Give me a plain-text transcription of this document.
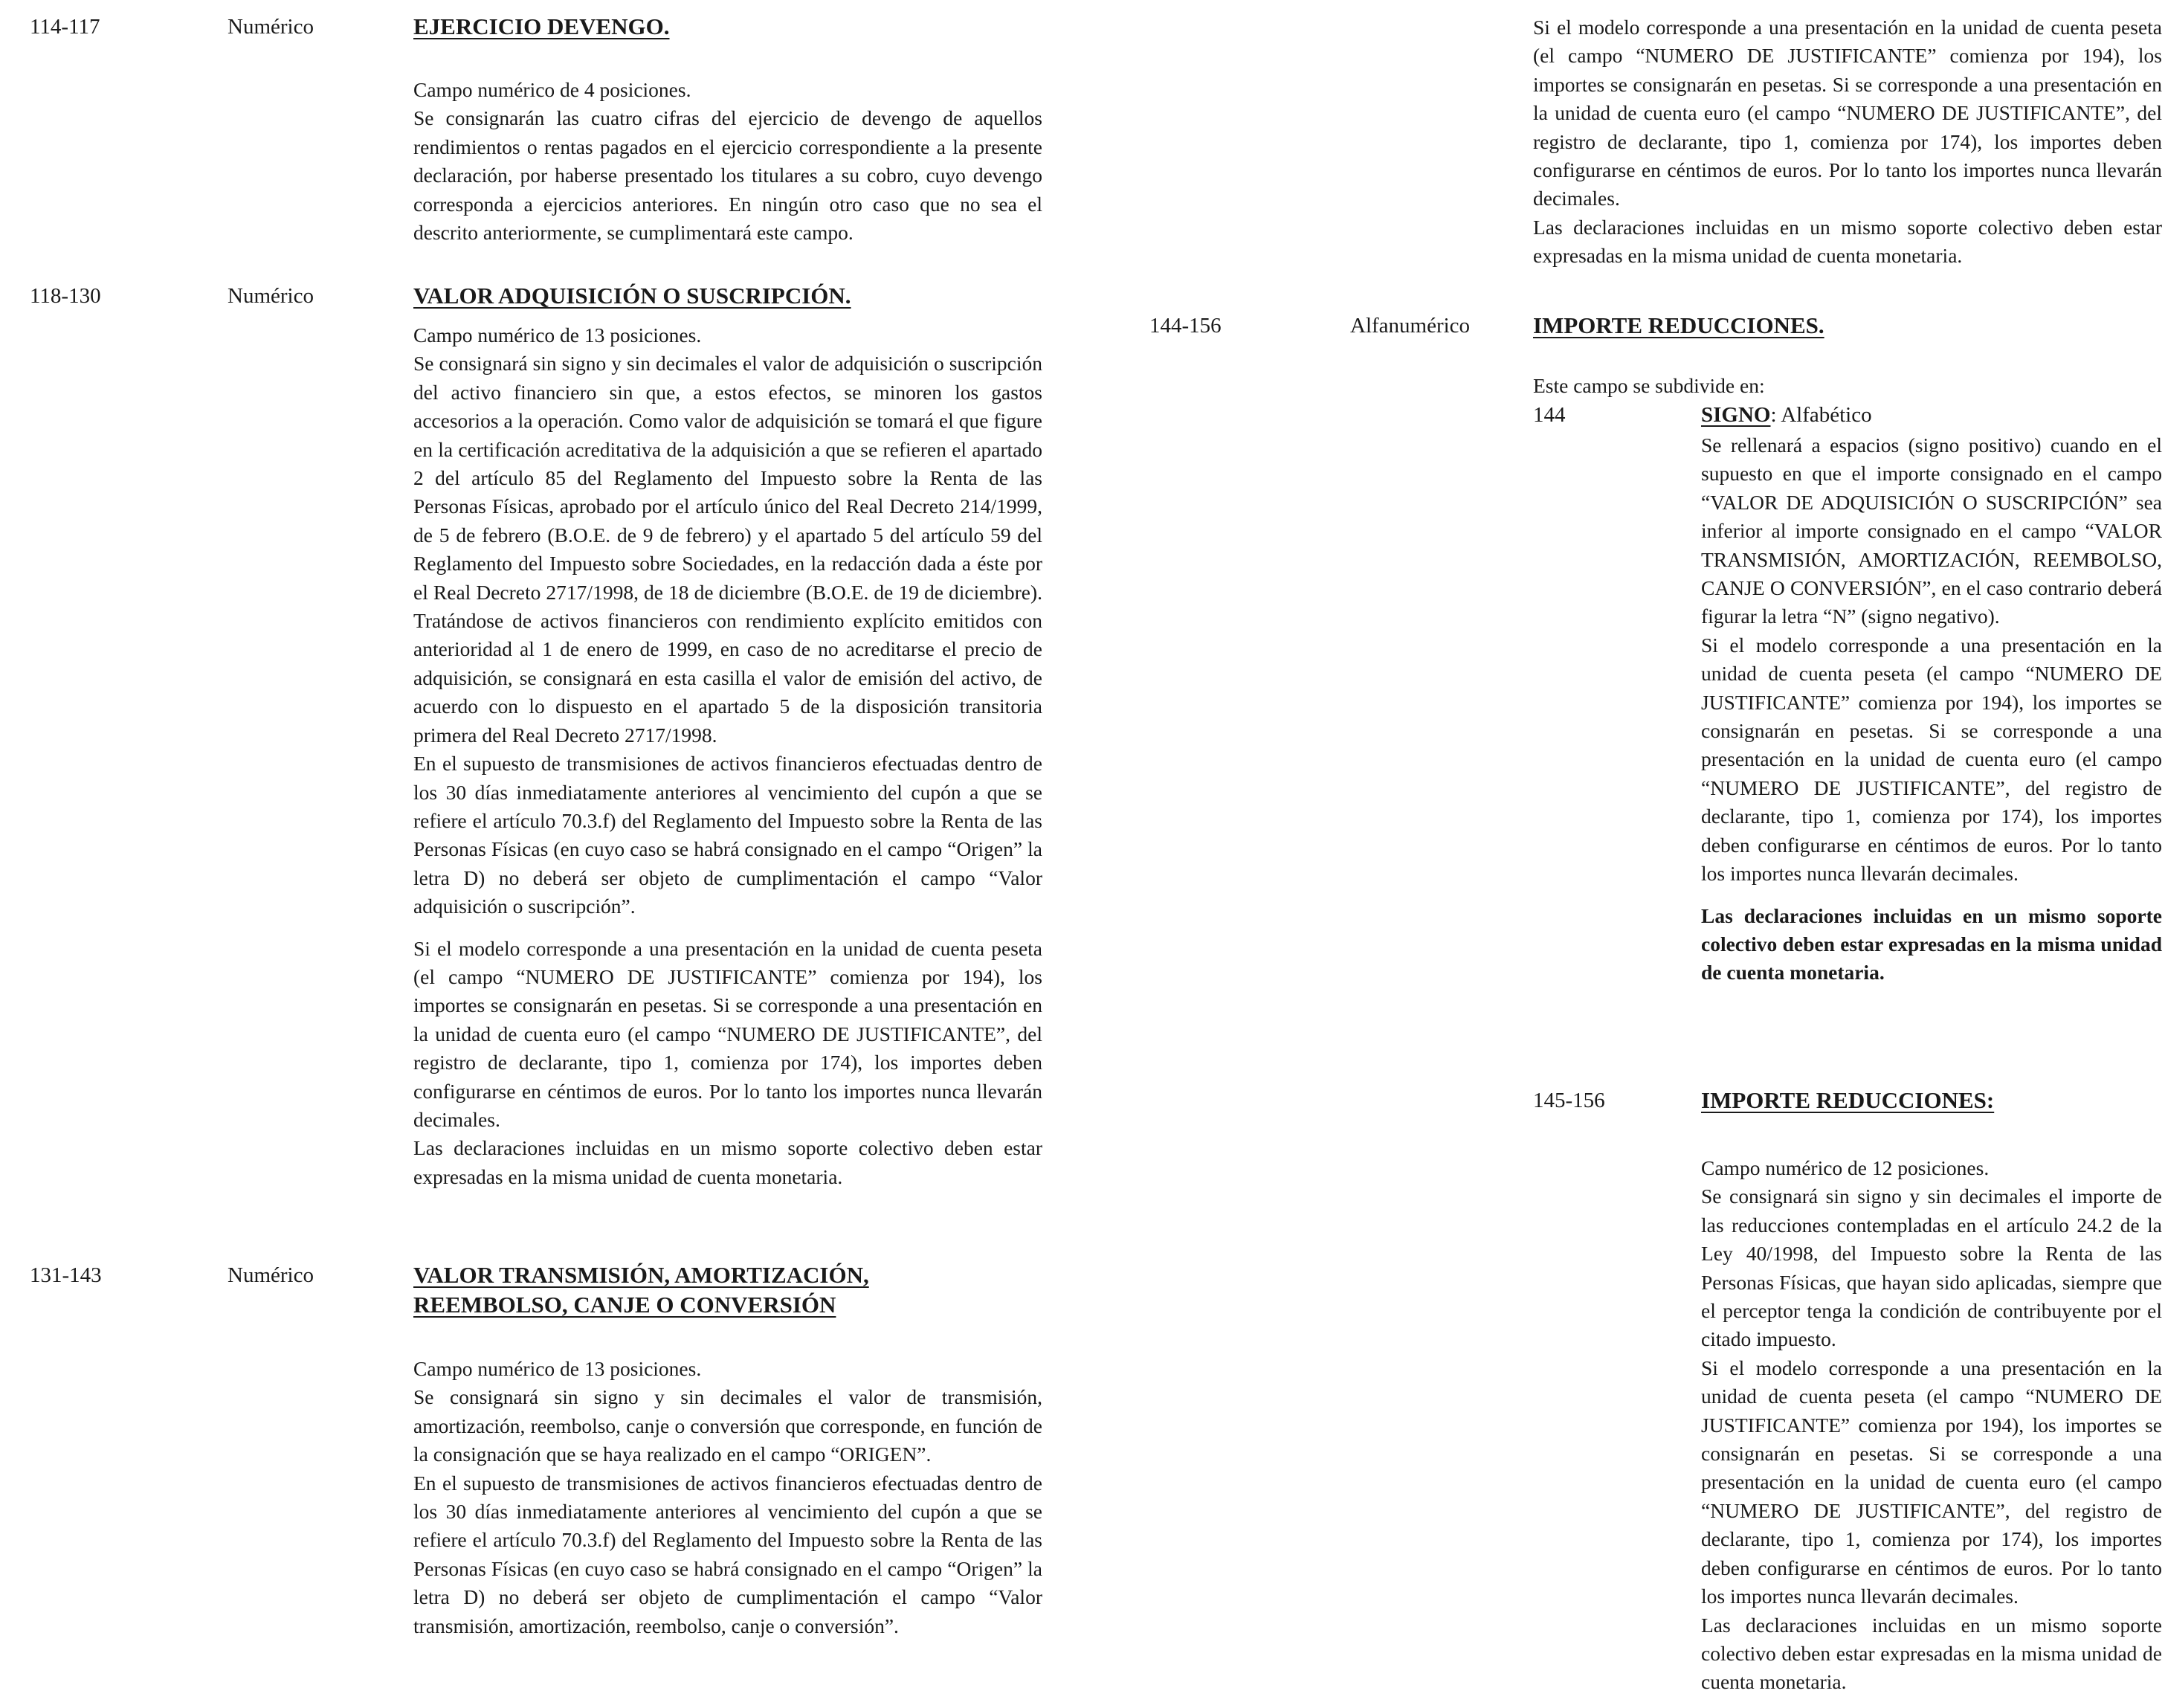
114-117	Numérico	EJERCICIO DEVENGO.

Campo numérico de 4 posiciones.

Se consignarán las cuatro cifras del ejercicio de devengo de aquellos rendimientos o rentas pagados en el ejercicio correspondiente a la presente declaración, por haberse presentado los titulares a su cobro, cuyo devengo corresponda a ejercicios anteriores. En ningún otro caso que no sea el descrito anteriormente, se cumplimentará este campo.

118-130	Numérico	VALOR ADQUISICIÓN O SUSCRIPCIÓN.

Campo numérico de 13 posiciones.

Se consignará sin signo y sin decimales el valor de adquisición o suscripción del activo financiero sin que, a estos efectos, se minoren los gastos accesorios a la operación. Como valor de adquisición se tomará el que figure en la certificación acreditativa de la adquisición a que se refieren el apartado 2 del artículo 85 del Reglamento del Impuesto sobre la Renta de las Personas Físicas, aprobado por el artículo único del Real Decreto 214/1999, de 5 de febrero (B.O.E. de 9 de febrero) y el apartado 5 del artículo 59 del Reglamento del Impuesto sobre Sociedades, en la redacción dada a éste por el Real Decreto 2717/1998, de 18 de diciembre (B.O.E. de 19 de diciembre). Tratándose de activos financieros con rendimiento explícito emitidos con anterioridad al 1 de enero de 1999, en caso de no acreditarse el precio de adquisición, se consignará en esta casilla el valor de emisión del activo, de acuerdo con lo dispuesto en el apartado 5 de la disposición transitoria primera del Real Decreto 2717/1998.

En el supuesto de transmisiones de activos financieros efectuadas dentro de los 30 días inmediatamente anteriores al vencimiento del cupón a que se refiere el artículo 70.3.f) del Reglamento del Impuesto sobre la Renta de las Personas Físicas (en cuyo caso se habrá consignado en el campo “Origen” la letra D) no deberá ser objeto de cumplimentación el campo “Valor adquisición o suscripción”.

Si el modelo corresponde a una presentación en la unidad de cuenta peseta (el campo “NUMERO DE JUSTIFICANTE” comienza por 194), los importes se consignarán en pesetas. Si se corresponde a una presentación en la unidad de cuenta euro (el campo “NUMERO DE JUSTIFICANTE”, del registro de declarante, tipo 1, comienza por 174), los importes deben configurarse en céntimos de euros. Por lo tanto los importes nunca llevarán decimales.

Las declaraciones incluidas en un mismo soporte colectivo deben estar expresadas en la misma unidad de cuenta monetaria.

131-143	Numérico	VALOR TRANSMISIÓN, AMORTIZACIÓN,
REEMBOLSO, CANJE O CONVERSIÓN

Campo numérico de 13 posiciones.

Se consignará sin signo y sin decimales el valor de transmisión, amortización, reembolso, canje o conversión que corresponde, en función de la consignación que se haya realizado en el campo “ORIGEN”.

En el supuesto de transmisiones de activos financieros efectuadas dentro de los 30 días inmediatamente anteriores al vencimiento del cupón a que se refiere el artículo 70.3.f) del Reglamento del Impuesto sobre la Renta de las Personas Físicas (en cuyo caso se habrá consignado en el campo “Origen” la letra D) no deberá ser objeto de cumplimentación el campo “Valor transmisión, amortización, reembolso, canje o conversión”.

Si el modelo corresponde a una presentación en la unidad de cuenta peseta (el campo “NUMERO DE JUSTIFICANTE” comienza por 194), los importes se consignarán en pesetas. Si se corresponde a una presentación en la unidad de cuenta euro (el campo “NUMERO DE JUSTIFICANTE”, del registro de declarante, tipo 1, comienza por 174), los importes deben configurarse en céntimos de euros. Por lo tanto los importes nunca llevarán decimales.

Las declaraciones incluidas en un mismo soporte colectivo deben estar expresadas en la misma unidad de cuenta monetaria.

144-156	Alfanumérico	IMPORTE REDUCCIONES.
Este campo se subdivide en:
144	SIGNO: Alfabético

Se rellenará a espacios (signo positivo) cuando en el supuesto en que el importe consignado en el campo “VALOR DE ADQUISICIÓN O SUSCRIPCIÓN” sea inferior al importe consignado en el campo “VALOR TRANSMISIÓN, AMORTIZACIÓN, REEMBOLSO, CANJE O CONVERSIÓN”, en el caso contrario deberá figurar la letra “N” (signo negativo).

Si el modelo corresponde a una presentación en la unidad de cuenta peseta (el campo “NUMERO DE JUSTIFICANTE” comienza por 194), los importes se consignarán en pesetas. Si se corresponde a una presentación en la unidad de cuenta euro (el campo “NUMERO DE JUSTIFICANTE”, del registro de declarante, tipo 1, comienza por 174), los importes deben configurarse en céntimos de euros. Por lo tanto los importes nunca llevarán decimales.

Las declaraciones incluidas en un mismo soporte colectivo deben estar expresadas en la misma unidad de cuenta monetaria.

145-156	IMPORTE REDUCCIONES:

Campo numérico de 12 posiciones.

Se consignará sin signo y sin decimales el importe de las reducciones contempladas en el artículo 24.2 de la Ley 40/1998, del Impuesto sobre la Renta de las Personas Físicas, que hayan sido aplicadas, siempre que el perceptor tenga la condición de contribuyente por el citado impuesto.

Si el modelo corresponde a una presentación en la unidad de cuenta peseta (el campo “NUMERO DE JUSTIFICANTE” comienza por 194), los importes se consignarán en pesetas. Si se corresponde a una presentación en la unidad de cuenta euro (el campo “NUMERO DE JUSTIFICANTE”, del registro de declarante, tipo 1, comienza por 174), los importes deben configurarse en céntimos de euros. Por lo tanto los importes nunca llevarán decimales.

Las declaraciones incluidas en un mismo soporte colectivo deben estar expresadas en la misma unidad de cuenta monetaria.
